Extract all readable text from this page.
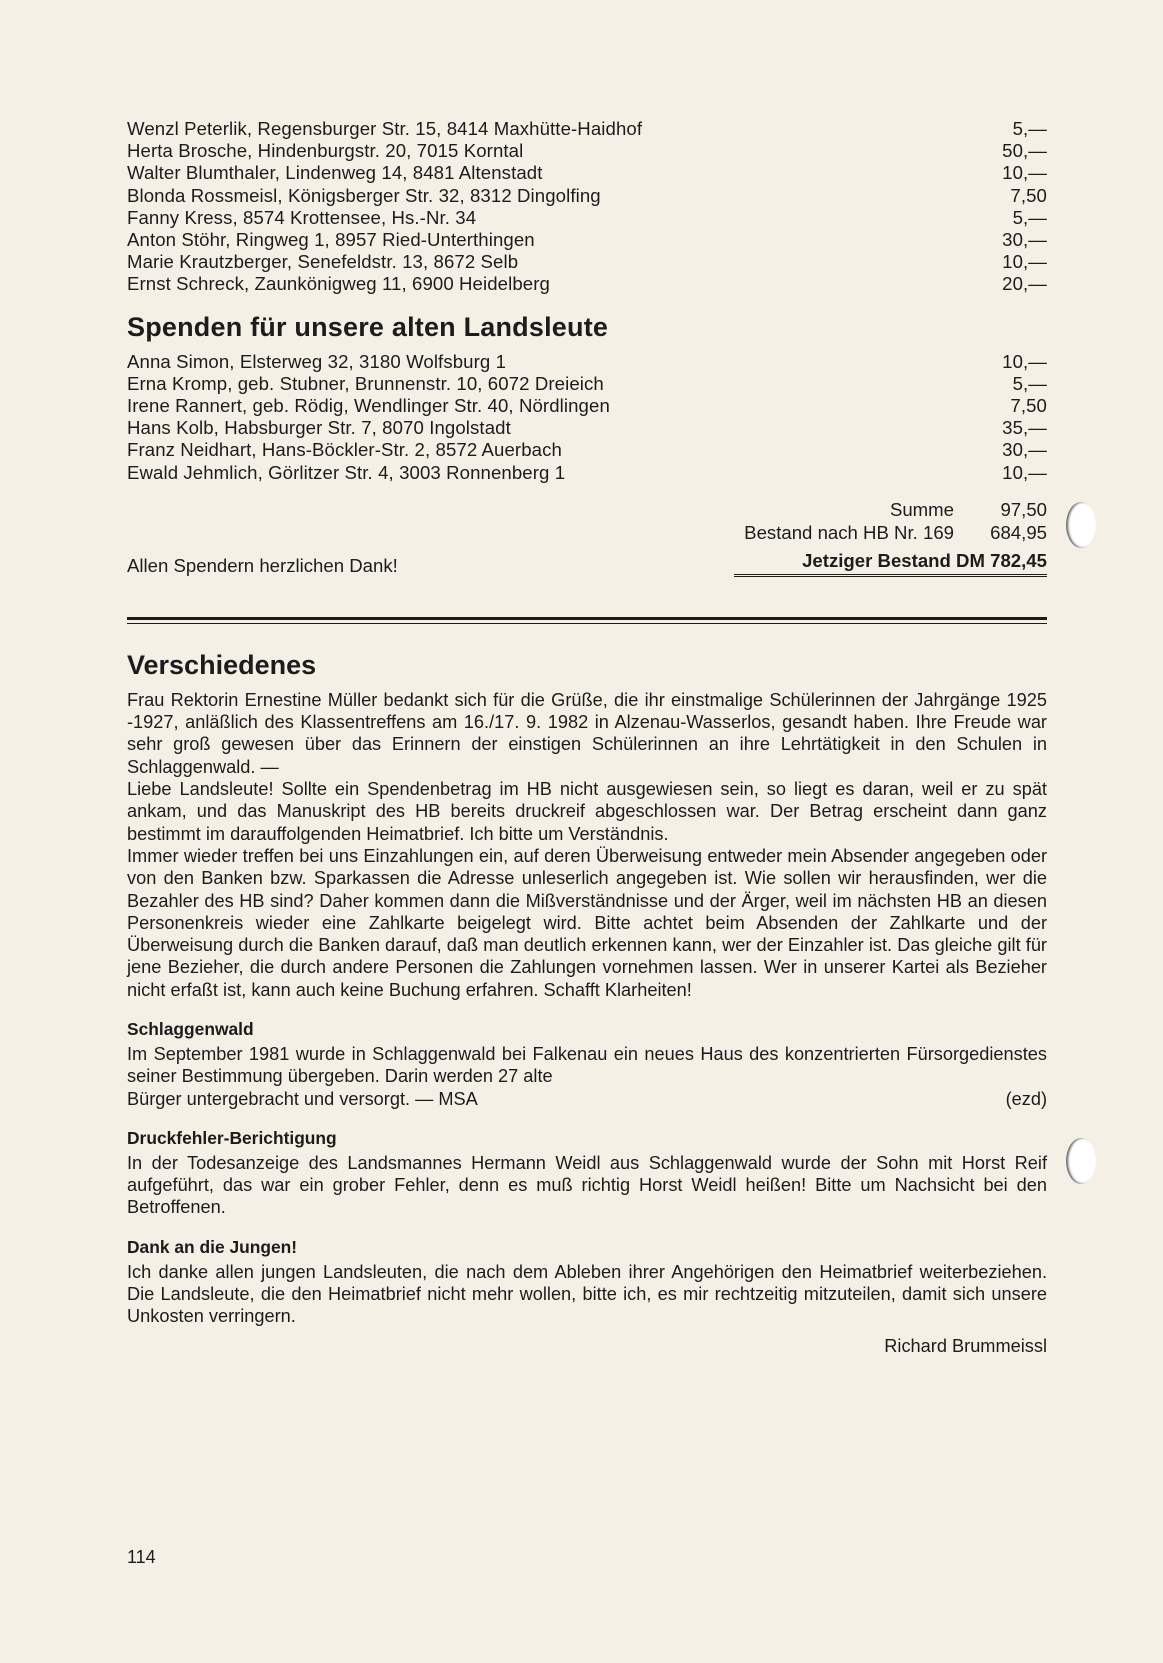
Wenzl Peterlik, Regensburger Str. 15, 8414 Maxhütte-Haidhof	5,—
Herta Brosche, Hindenburgstr. 20, 7015 Korntal	50,—
Walter Blumthaler, Lindenweg 14, 8481 Altenstadt	10,—
Blonda Rossmeisl, Königsberger Str. 32, 8312 Dingolfing	7,50
Fanny Kress, 8574 Krottensee, Hs.-Nr. 34	5,—
Anton Stöhr, Ringweg 1, 8957 Ried-Unterthingen	30,—
Marie Krautzberger, Senefeldstr. 13, 8672 Selb	10,—
Ernst Schreck, Zaunkönigweg 11, 6900 Heidelberg	20,—
Spenden für unsere alten Landsleute
Anna Simon, Elsterweg 32, 3180 Wolfsburg 1	10,—
Erna Kromp, geb. Stubner, Brunnenstr. 10, 6072 Dreieich	5,—
Irene Rannert, geb. Rödig, Wendlinger Str. 40, Nördlingen	7,50
Hans Kolb, Habsburger Str. 7, 8070 Ingolstadt	35,—
Franz Neidhart, Hans-Böckler-Str. 2, 8572 Auerbach	30,—
Ewald Jehmlich, Görlitzer Str. 4, 3003 Ronnenberg 1	10,—
Summe	97,50
Bestand nach HB Nr. 169	684,95
Allen Spendern herzlichen Dank!	Jetziger Bestand DM 782,45
Verschiedenes

Frau Rektorin Ernestine Müller bedankt sich für die Grüße, die ihr einstmalige Schülerinnen der Jahrgänge 1925 -1927, anläßlich des Klassentreffens am 16./17. 9. 1982 in Alzenau-Wasserlos, gesandt haben. Ihre Freude war sehr groß gewesen über das Erinnern der einstigen Schülerinnen an ihre Lehrtätigkeit in den Schulen in Schlaggenwald. —

Liebe Landsleute! Sollte ein Spendenbetrag im HB nicht ausgewiesen sein, so liegt es daran, weil er zu spät ankam, und das Manuskript des HB bereits druckreif abgeschlossen war. Der Betrag erscheint dann ganz bestimmt im darauffolgenden Heimatbrief. Ich bitte um Verständnis.

Immer wieder treffen bei uns Einzahlungen ein, auf deren Überweisung entweder mein Absender angegeben oder von den Banken bzw. Sparkassen die Adresse unleserlich angegeben ist. Wie sollen wir herausfinden, wer die Bezahler des HB sind? Daher kommen dann die Mißverständnisse und der Ärger, weil im nächsten HB an diesen Personenkreis wieder eine Zahlkarte beigelegt wird. Bitte achtet beim Absenden der Zahlkarte und der Überweisung durch die Banken darauf, daß man deutlich erkennen kann, wer der Einzahler ist. Das gleiche gilt für jene Bezieher, die durch andere Personen die Zahlungen vornehmen lassen. Wer in unserer Kartei als Bezieher nicht erfaßt ist, kann auch keine Buchung erfahren. Schafft Klarheiten!

Schlaggenwald

Im September 1981 wurde in Schlaggenwald bei Falkenau ein neues Haus des konzentrierten Fürsorgedienstes seiner Bestimmung übergeben. Darin werden 27 alte

Bürger untergebracht und versorgt. — MSA	(ezd)
Druckfehler-Berichtigung

In der Todesanzeige des Landsmannes Hermann Weidl aus Schlaggenwald wurde der Sohn mit Horst Reif aufgeführt, das war ein grober Fehler, denn es muß richtig Horst Weidl heißen! Bitte um Nachsicht bei den Betroffenen.

Dank an die Jungen!

Ich danke allen jungen Landsleuten, die nach dem Ableben ihrer Angehörigen den Heimatbrief weiterbeziehen. Die Landsleute, die den Heimatbrief nicht mehr wollen, bitte ich, es mir rechtzeitig mitzuteilen, damit sich unsere Unkosten verringern.

Richard Brummeissl
114
